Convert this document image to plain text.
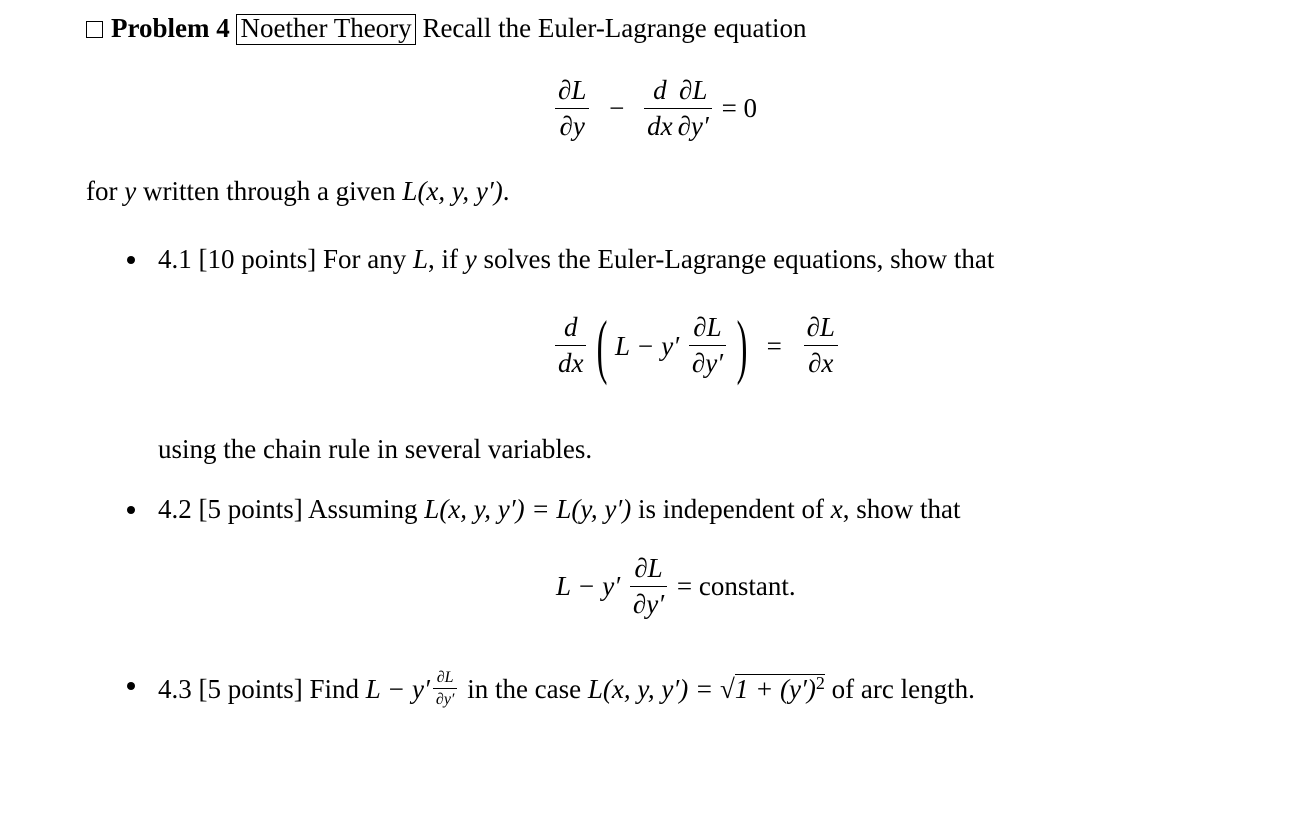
Problem 4 Noether Theory Recall the Euler-Lagrange equation
$\frac{\partial L}{\partial y} - \frac{d}{dx} \frac{\partial L}{\partial y'} = 0$
for y written through a given L(x, y, y′).
4.1 [10 points] For any L, if y solves the Euler-Lagrange equations, show that
$\frac{d}{dx}$ ( $L - y' \frac{\partial L}{\partial y'}$ ) = $\frac{\partial L}{\partial x}$
using the chain rule in several variables.
4.2 [5 points] Assuming L(x, y, y′) = L(y, y′) is independent of x, show that
$L - y' \frac{\partial L}{\partial y'}$ = constant.
4.3 [5 points] Find $L - y' \frac{\partial L}{\partial y'}$ in the case L(x, y, $y') = √1 + (y')^2$ of arc length.
